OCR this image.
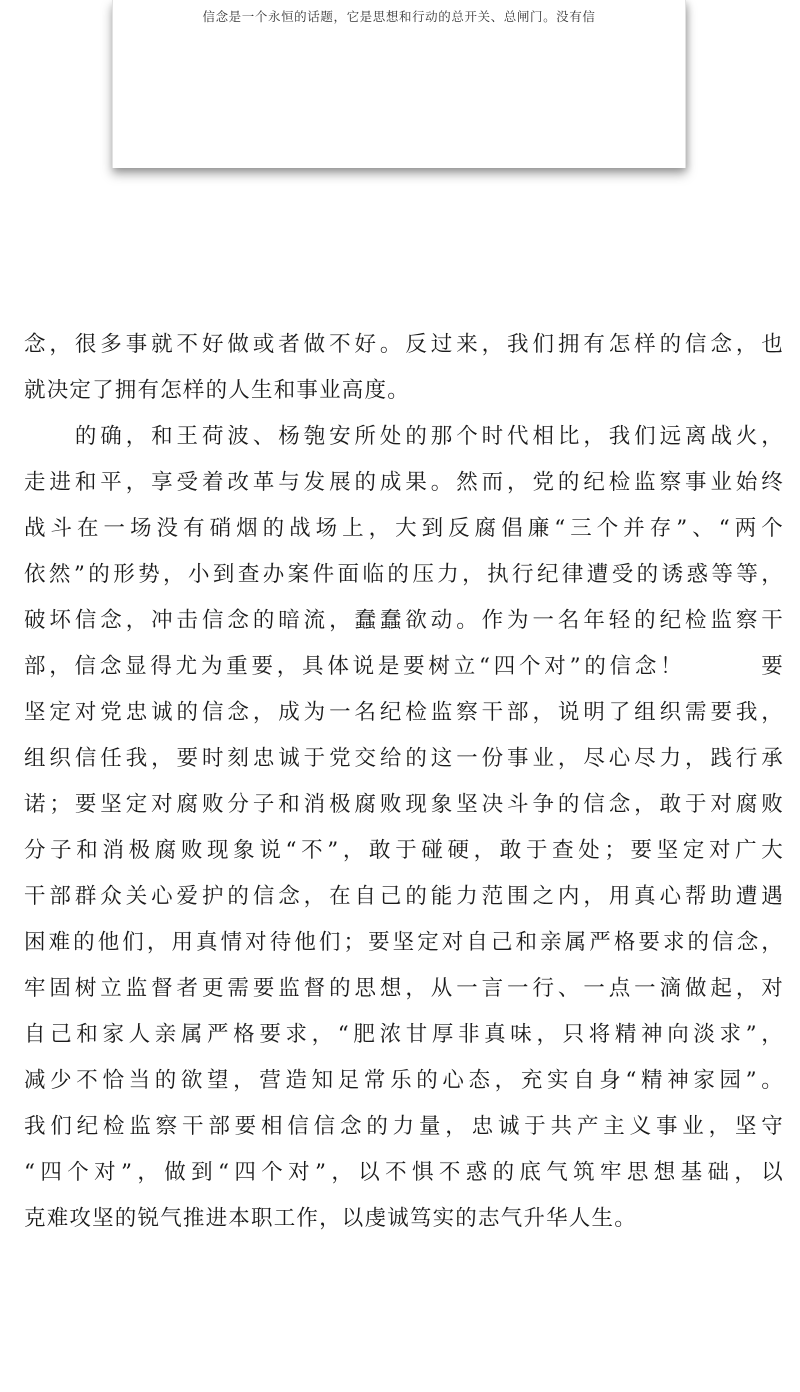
信念是一个永恒的话题，它是思想和行动的总开关、总闸门。没有信

念，很多事就不好做或者做不好。反过来，我们拥有怎样的信念，也
就决定了拥有怎样的人生和事业高度。
　　的确，和王荷波、杨匏安所处的那个时代相比，我们远离战火，
走进和平，享受着改革与发展的成果。然而，党的纪检监察事业始终
战斗在一场没有硝烟的战场上，大到反腐倡廉“三个并存”、“两个
依然”的形势，小到查办案件面临的压力，执行纪律遭受的诱惑等等，
破坏信念，冲击信念的暗流，蠢蠢欲动。作为一名年轻的纪检监察干
部，信念显得尤为重要，具体说是要树立“四个对”的信念！　　　要
坚定对党忠诚的信念，成为一名纪检监察干部，说明了组织需要我，
组织信任我，要时刻忠诚于党交给的这一份事业，尽心尽力，践行承
诺；要坚定对腐败分子和消极腐败现象坚决斗争的信念，敢于对腐败
分子和消极腐败现象说“不”，敢于碰硬，敢于查处；要坚定对广大
干部群众关心爱护的信念，在自己的能力范围之内，用真心帮助遭遇
困难的他们，用真情对待他们；要坚定对自己和亲属严格要求的信念，
牢固树立监督者更需要监督的思想，从一言一行、一点一滴做起，对
自己和家人亲属严格要求，“肥浓甘厚非真味，只将精神向淡求”，
减少不恰当的欲望，营造知足常乐的心态，充实自身“精神家园”。
我们纪检监察干部要相信信念的力量，忠诚于共产主义事业，坚守
“四个对”，做到“四个对”，以不惧不惑的底气筑牢思想基础，以
克难攻坚的锐气推进本职工作，以虔诚笃实的志气升华人生。
